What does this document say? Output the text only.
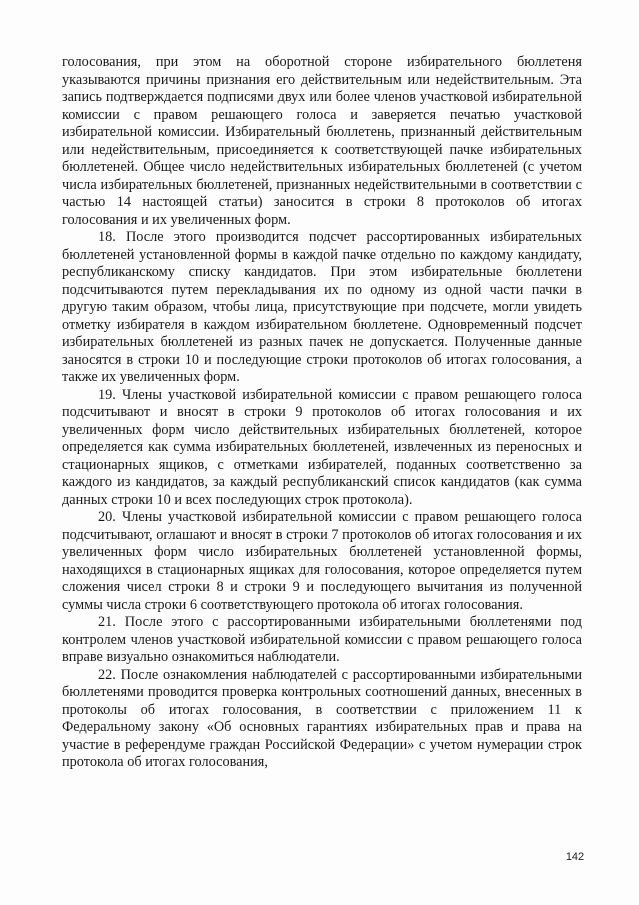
голосования, при этом на оборотной стороне избирательного бюллетеня указываются причины признания его действительным или недействительным. Эта запись подтверждается подписями двух или более членов участковой избирательной комиссии с правом решающего голоса и заверяется печатью участковой избирательной комиссии. Избирательный бюллетень, признанный действительным или недействительным, присоединяется к соответствующей пачке избирательных бюллетеней. Общее число недействительных избирательных бюллетеней (с учетом числа избирательных бюллетеней, признанных недействительными в соответствии с частью 14 настоящей статьи) заносится в строки 8 протоколов об итогах голосования и их увеличенных форм.

18. После этого производится подсчет рассортированных избирательных бюллетеней установленной формы в каждой пачке отдельно по каждому кандидату, республиканскому списку кандидатов. При этом избирательные бюллетени подсчитываются путем перекладывания их по одному из одной части пачки в другую таким образом, чтобы лица, присутствующие при подсчете, могли увидеть отметку избирателя в каждом избирательном бюллетене. Одновременный подсчет избирательных бюллетеней из разных пачек не допускается. Полученные данные заносятся в строки 10 и последующие строки протоколов об итогах голосования, а также их увеличенных форм.

19. Члены участковой избирательной комиссии с правом решающего голоса подсчитывают и вносят в строки 9 протоколов об итогах голосования и их увеличенных форм число действительных избирательных бюллетеней, которое определяется как сумма избирательных бюллетеней, извлеченных из переносных и стационарных ящиков, с отметками избирателей, поданных соответственно за каждого из кандидатов, за каждый республиканский список кандидатов (как сумма данных строки 10 и всех последующих строк протокола).

20. Члены участковой избирательной комиссии с правом решающего голоса подсчитывают, оглашают и вносят в строки 7 протоколов об итогах голосования и их увеличенных форм число избирательных бюллетеней установленной формы, находящихся в стационарных ящиках для голосования, которое определяется путем сложения чисел строки 8 и строки 9 и последующего вычитания из полученной суммы числа строки 6 соответствующего протокола об итогах голосования.

21. После этого с рассортированными избирательными бюллетенями под контролем членов участковой избирательной комиссии с правом решающего голоса вправе визуально ознакомиться наблюдатели.

22. После ознакомления наблюдателей с рассортированными избирательными бюллетенями проводится проверка контрольных соотношений данных, внесенных в протоколы об итогах голосования, в соответствии с приложением 11 к Федеральному закону «Об основных гарантиях избирательных прав и права на участие в референдуме граждан Российской Федерации» с учетом нумерации строк протокола об итогах голосования,

142
